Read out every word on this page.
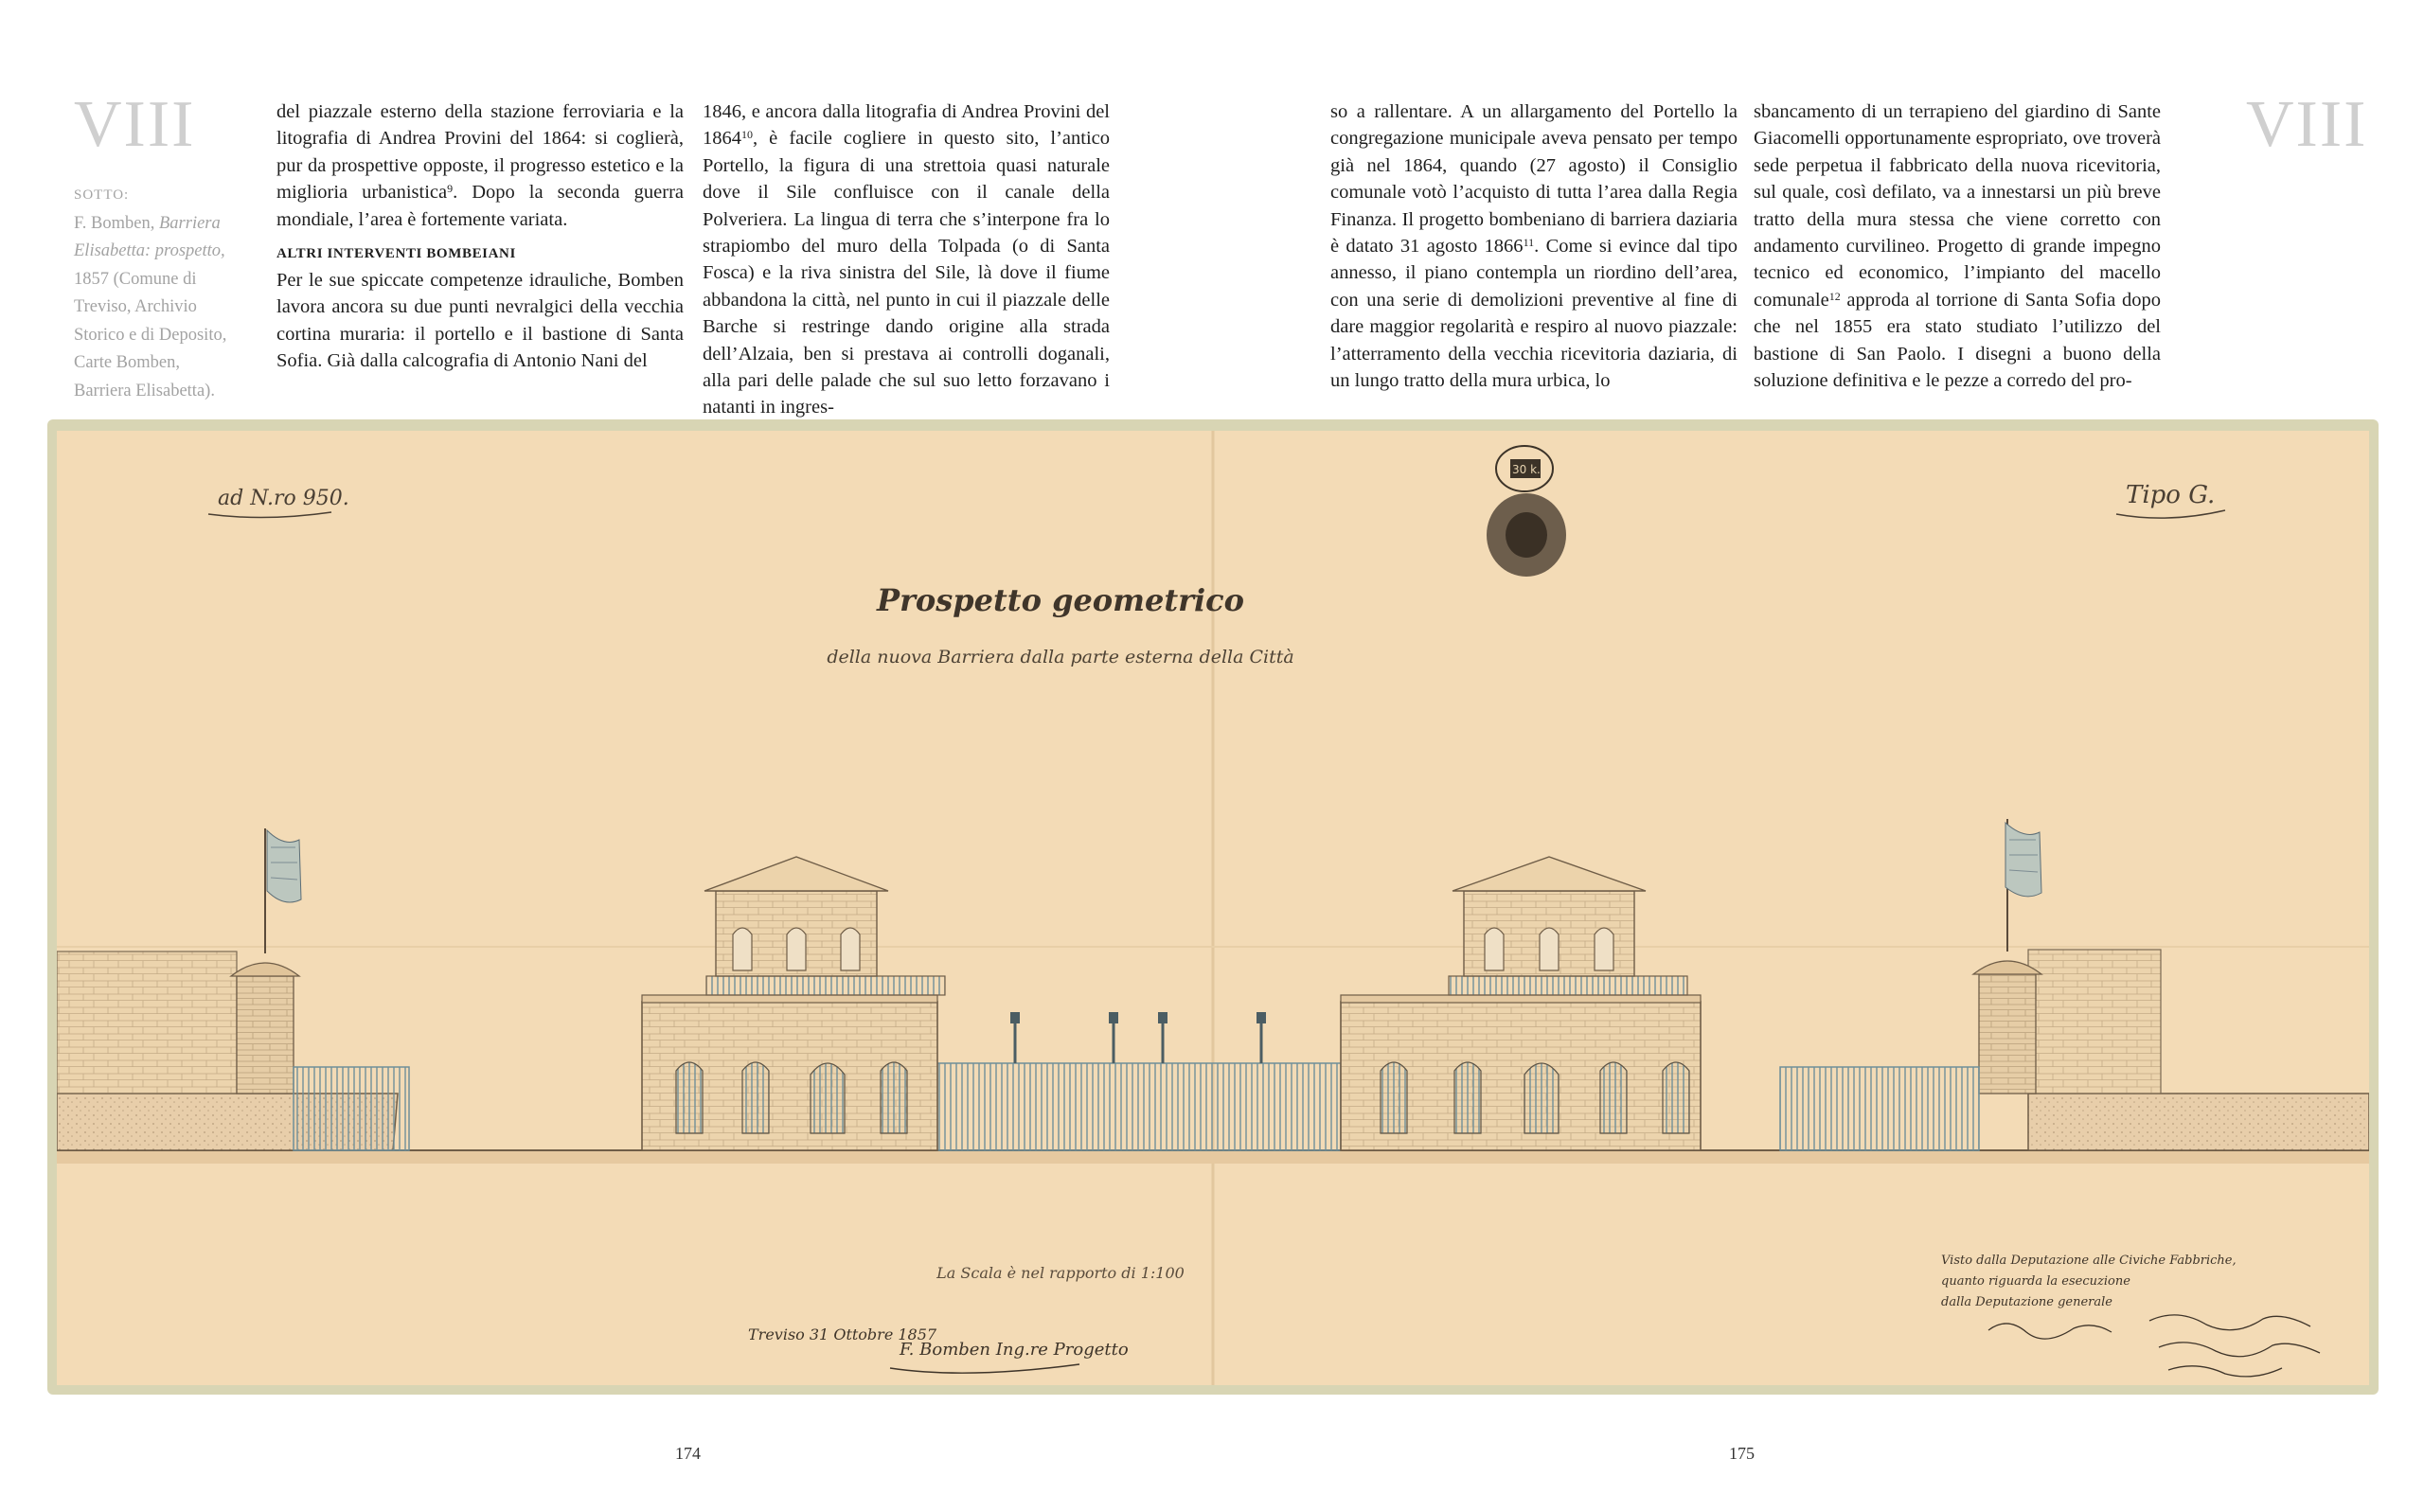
VIII	VIII
SOTTO:
F. Bomben, Barriera Elisabetta: prospetto, 1857 (Comune di Treviso, Archivio Storico e di Deposito, Carte Bomben, Barriera Elisabetta).

del piazzale esterno della stazione ferroviaria e la litografia di Andrea Provini del 1864: si coglierà, pur da prospettive opposte, il progresso estetico e la miglioria urbanistica$^9$. Dopo la seconda guerra mondiale, l’area è fortemente variata.

ALTRI INTERVENTI BOMBEIANI

Per le sue spiccate competenze idrauliche, Bomben lavora ancora su due punti nevralgici della vecchia cortina muraria: il portello e il bastione di Santa Sofia. Già dalla calcografia di Antonio Nani del

1846, e ancora dalla litografia di Andrea Provini del 1864$^{10}$, è facile cogliere in questo sito, l’antico Portello, la figura di una strettoia quasi naturale dove il Sile confluisce con il canale della Polveriera. La lingua di terra che s’interpone fra lo strapiombo del muro della Tolpada (o di Santa Fosca) e la riva sinistra del Sile, là dove il fiume abbandona la città, nel punto in cui il piazzale delle Barche si restringe dando origine alla strada dell’Alzaia, ben si prestava ai controlli doganali, alla pari delle palade che sul suo letto forzavano i natanti in ingres-

so a rallentare. A un allargamento del Portello la congregazione municipale aveva pensato per tempo già nel 1864, quando (27 agosto) il Consiglio comunale votò l’acquisto di tutta l’area dalla Regia Finanza. Il progetto bombeniano di barriera daziaria è datato 31 agosto 1866$^{11}$. Come si evince dal tipo annesso, il piano contempla un riordino dell’area, con una serie di demolizioni preventive al fine di dare maggior regolarità e respiro al nuovo piazzale: l’atterramento della vecchia ricevitoria daziaria, di un lungo tratto della mura urbica, lo

sbancamento di un terrapieno del giardino di Sante Giacomelli opportunamente espropriato, ove troverà sede perpetua il fabbricato della nuova ricevitoria, sul quale, così defilato, va a innestarsi un più breve tratto della mura stessa che viene corretto con andamento curvilineo. Progetto di grande impegno tecnico ed economico, l’impianto del macello comunale$^{12}$ approda al torrione di Santa Sofia dopo che nel 1855 era stato studiato l’utilizzo del bastione di San Paolo. I disegni a buono della soluzione definitiva e le pezze a corredo del pro-

ad N.ro 950.	Tipo G.
30 k.
Prospetto geometrico
della nuova Barriera dalla parte esterna della Città
La Scala è nel rapporto di 1:100
Treviso 31 Ottobre 1857
F. Bomben Ing.re Progetto
Visto dalla Deputazione alle Civiche Fabbriche,
quanto riguarda la esecuzione
dalla Deputazione generale
174	175
